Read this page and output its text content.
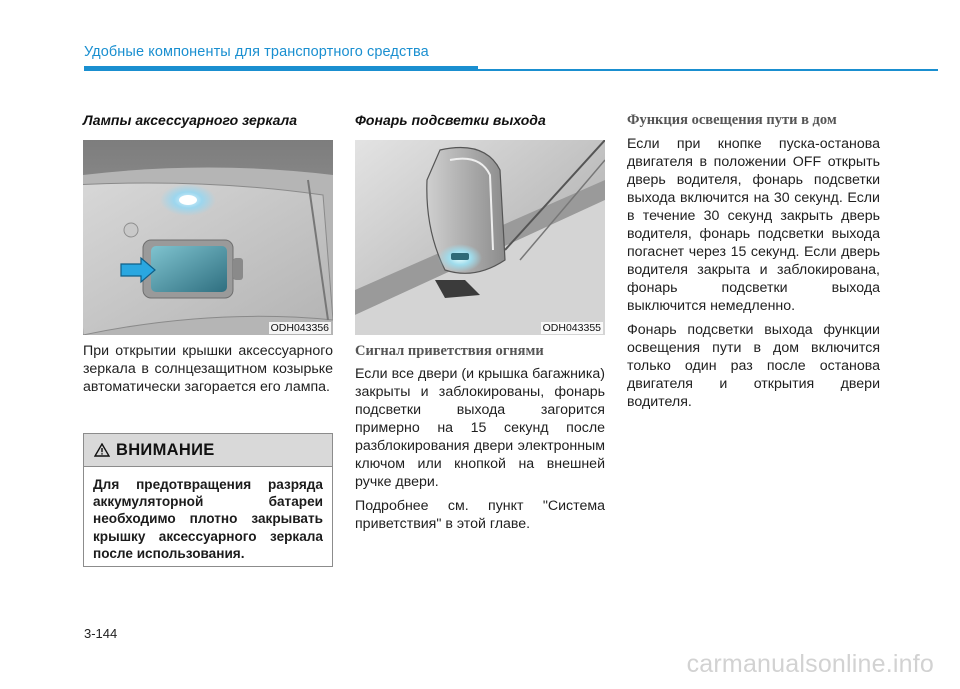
Удобные компоненты для транспортного средства
Лампы аксессуарного зеркала
ODH043356

При открытии крышки аксессуарного зеркала в солнцезащитном козырьке автоматически загорается его лампа.

ВНИМАНИЕ
Для предотвращения разряда аккумуляторной батареи необходимо плотно закрывать крышку аксессуарного зеркала после использования.
Фонарь подсветки выхода
ODH043355
Сигнал приветствия огнями

Если все двери (и крышка багажника) закрыты и заблокированы, фонарь подсветки выхода загорится примерно на 15 секунд после разблокирования двери электронным ключом или кнопкой на внешней ручке двери.

Подробнее см. пункт "Система приветствия" в этой главе.

Функция освещения пути в дом

Если при кнопке пуска-останова двигателя в положении OFF открыть дверь водителя, фонарь подсветки выхода включится на 30 секунд. Если в течение 30 секунд закрыть дверь водителя, фонарь подсветки выхода погаснет через 15 секунд. Если дверь водителя закрыта и заблокирована, фонарь подсветки выхода выключится немедленно.

Фонарь подсветки выхода функции освещения пути в дом включится только один раз после останова двигателя и открытия двери водителя.

3-144
carmanualsonline.info
